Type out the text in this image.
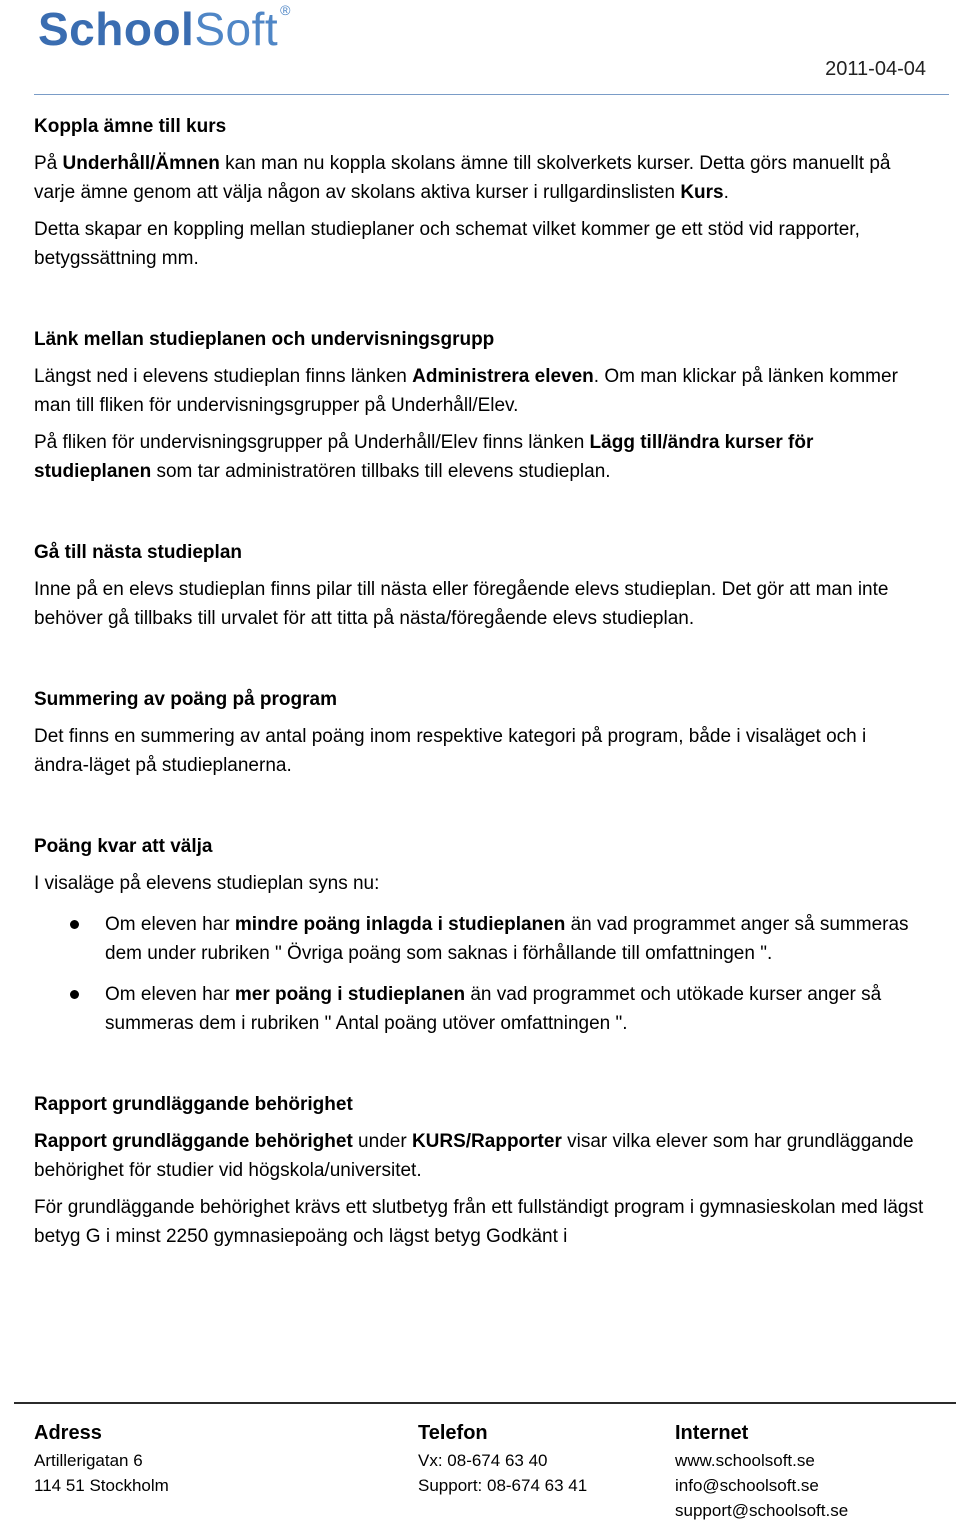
SchoolSoft ®
2011-04-04

Koppla ämne till kurs

På Underhåll/Ämnen kan man nu koppla skolans ämne till skolverkets kurser. Detta görs manuellt på varje ämne genom att välja någon av skolans aktiva kurser i rullgardinslisten Kurs.

Detta skapar en koppling mellan studieplaner och schemat vilket kommer ge ett stöd vid rapporter, betygssättning mm.

Länk mellan studieplanen och undervisningsgrupp

Längst ned i elevens studieplan finns länken Administrera eleven. Om man klickar på länken kommer man till fliken för undervisningsgrupper på Underhåll/Elev.

På fliken för undervisningsgrupper på Underhåll/Elev finns länken Lägg till/ändra kurser för studieplanen som tar administratören tillbaks till elevens studieplan.

Gå till nästa studieplan

Inne på en elevs studieplan finns pilar till nästa eller föregående elevs studieplan. Det gör att man inte behöver gå tillbaks till urvalet för att titta på nästa/föregående elevs studieplan.

Summering av poäng på program

Det finns en summering av antal poäng inom respektive kategori på program, både i visaläget och i ändra-läget på studieplanerna.

Poäng kvar att välja

I visaläge på elevens studieplan syns nu:

Om eleven har mindre poäng inlagda i studieplanen än vad programmet anger så summeras dem under rubriken " Övriga poäng som saknas i förhållande till omfattningen ".
Om eleven har mer poäng i studieplanen än vad programmet och utökade kurser anger så summeras dem i rubriken " Antal poäng utöver omfattningen ".

Rapport grundläggande behörighet

Rapport grundläggande behörighet under KURS/Rapporter visar vilka elever som har grundläggande behörighet för studier vid högskola/universitet.

För grundläggande behörighet krävs ett slutbetyg från ett fullständigt program i gymnasieskolan med lägst betyg G i minst 2250 gymnasiepoäng och lägst betyg Godkänt i

Adress
Artillerigatan 6
114 51 Stockholm
Telefon
Vx: 08-674 63 40
Support: 08-674 63 41
Internet
www.schoolsoft.se
info@schoolsoft.se
support@schoolsoft.se
